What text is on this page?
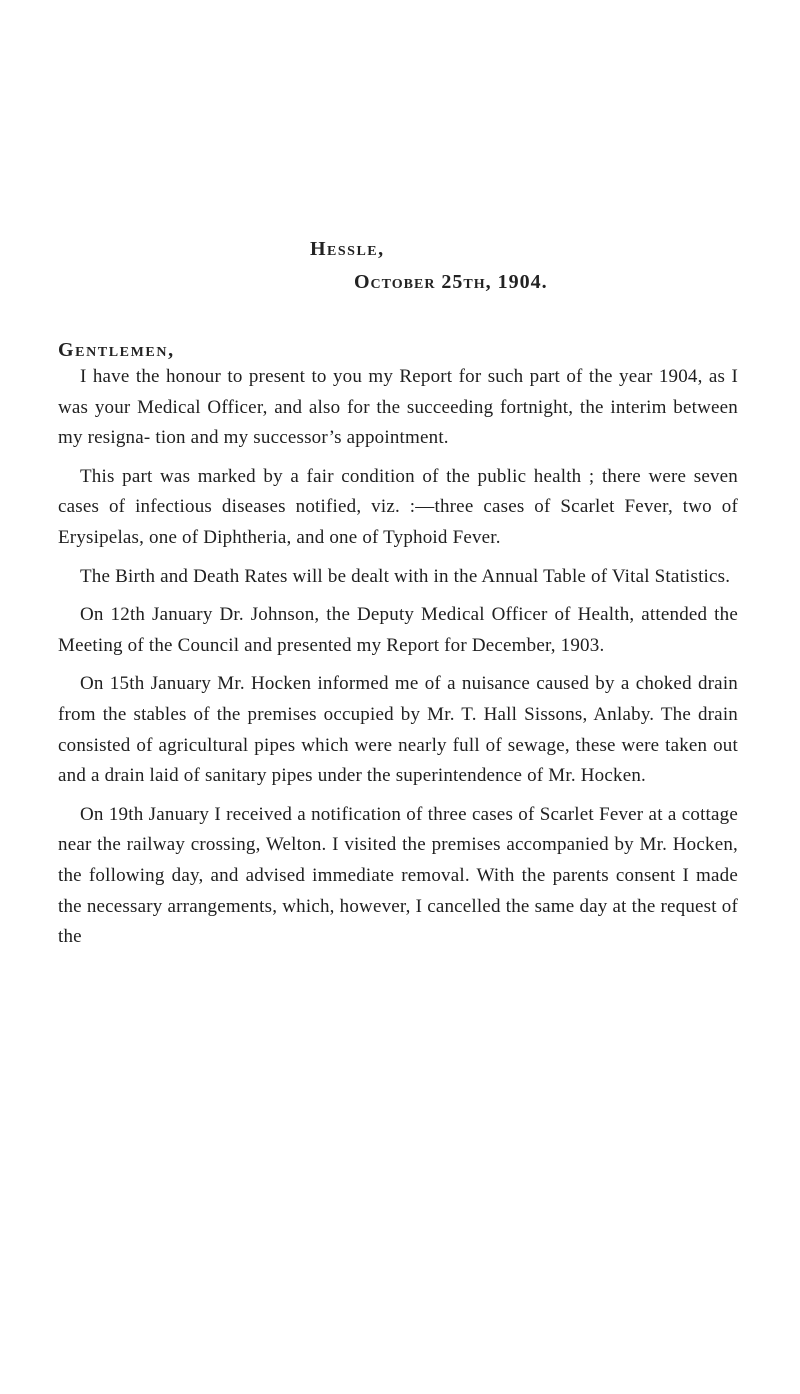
Hessle,
October 25th, 1904.
Gentlemen,

I have the honour to present to you my Report for such part of the year 1904, as I was your Medical Officer, and also for the succeeding fortnight, the interim between my resigna- tion and my successor’s appointment.

This part was marked by a fair condition of the public health ; there were seven cases of infectious diseases notified, viz. :—three cases of Scarlet Fever, two of Erysipelas, one of Diphtheria, and one of Typhoid Fever.

The Birth and Death Rates will be dealt with in the Annual Table of Vital Statistics.

On 12th January Dr. Johnson, the Deputy Medical Officer of Health, attended the Meeting of the Council and presented my Report for December, 1903.

On 15th January Mr. Hocken informed me of a nuisance caused by a choked drain from the stables of the premises occupied by Mr. T. Hall Sissons, Anlaby. The drain consisted of agricultural pipes which were nearly full of sewage, these were taken out and a drain laid of sanitary pipes under the superintendence of Mr. Hocken.

On 19th January I received a notification of three cases of Scarlet Fever at a cottage near the railway crossing, Welton. I visited the premises accompanied by Mr. Hocken, the following day, and advised immediate removal. With the parents consent I made the necessary arrangements, which, however, I cancelled the same day at the request of the
